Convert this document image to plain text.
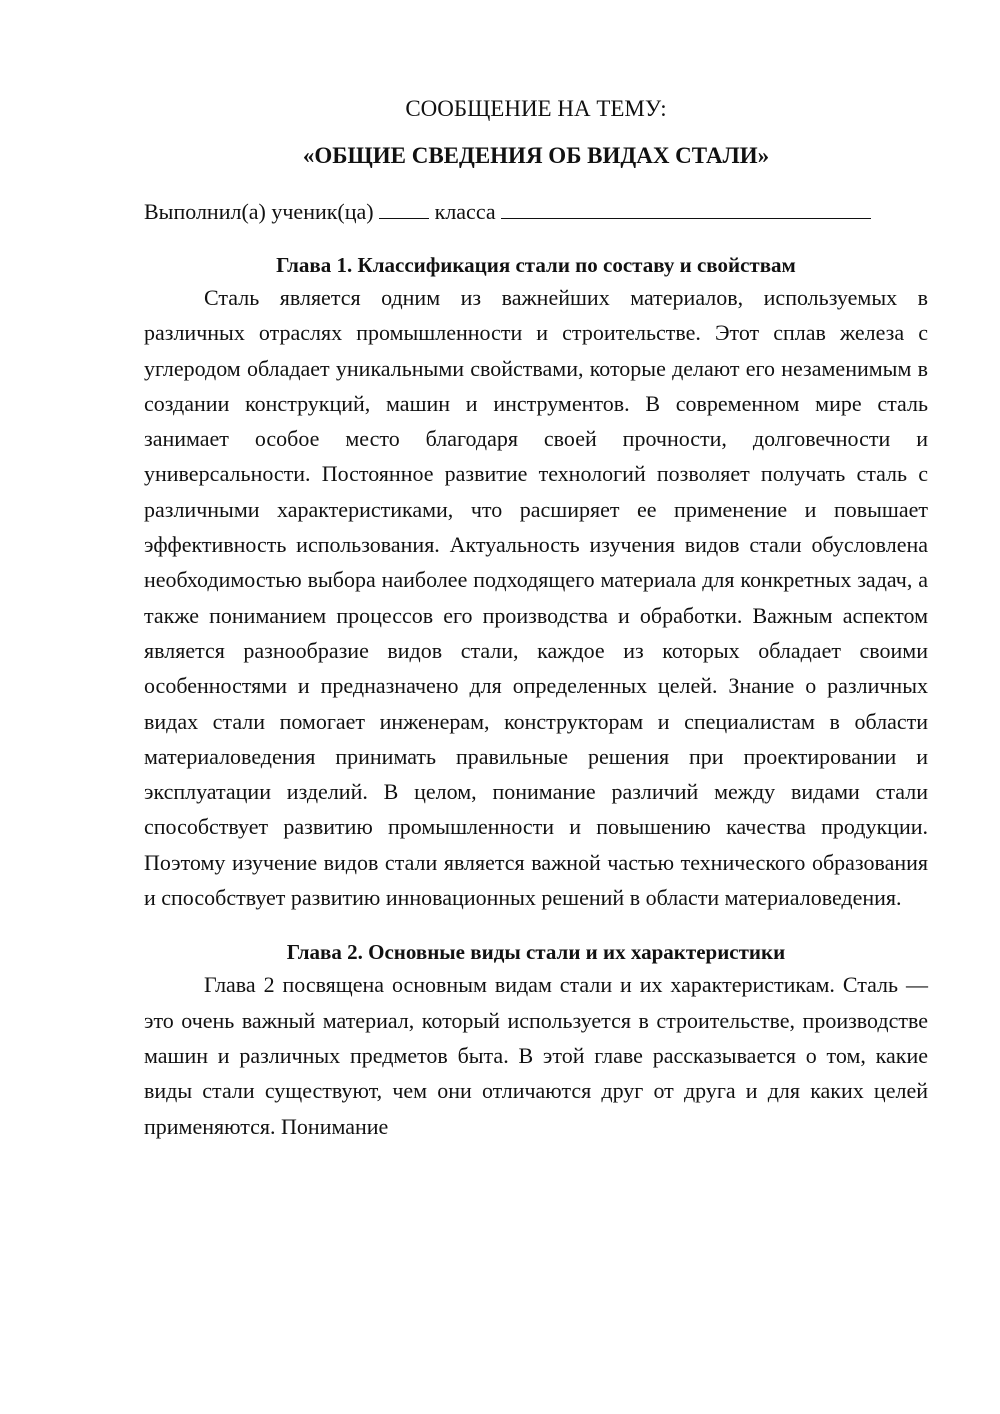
СООБЩЕНИЕ НА ТЕМУ:

«ОБЩИЕ СВЕДЕНИЯ ОБ ВИДАХ СТАЛИ»

Выполнил(а) ученик(ца)	класса
Глава 1. Классификация стали по составу и свойствам

Сталь является одним из важнейших материалов, используемых в различных отраслях промышленности и строительстве. Этот сплав железа с углеродом обладает уникальными свойствами, которые делают его незаменимым в создании конструкций, машин и инструментов. В современном мире сталь занимает особое место благодаря своей прочности, долговечности и универсальности. Постоянное развитие технологий позволяет получать сталь с различными характеристиками, что расширяет ее применение и повышает эффективность использования. Актуальность изучения видов стали обусловлена необходимостью выбора наиболее подходящего материала для конкретных задач, а также пониманием процессов его производства и обработки. Важным аспектом является разнообразие видов стали, каждое из которых обладает своими особенностями и предназначено для определенных целей. Знание о различных видах стали помогает инженерам, конструкторам и специалистам в области материаловедения принимать правильные решения при проектировании и эксплуатации изделий. В целом, понимание различий между видами стали способствует развитию промышленности и повышению качества продукции. Поэтому изучение видов стали является важной частью технического образования и способствует развитию инновационных решений в области материаловедения.

Глава 2. Основные виды стали и их характеристики

Глава 2 посвящена основным видам стали и их характеристикам. Сталь — это очень важный материал, который используется в строительстве, производстве машин и различных предметов быта. В этой главе рассказывается о том, какие виды стали существуют, чем они отличаются друг от друга и для каких целей применяются. Понимание
